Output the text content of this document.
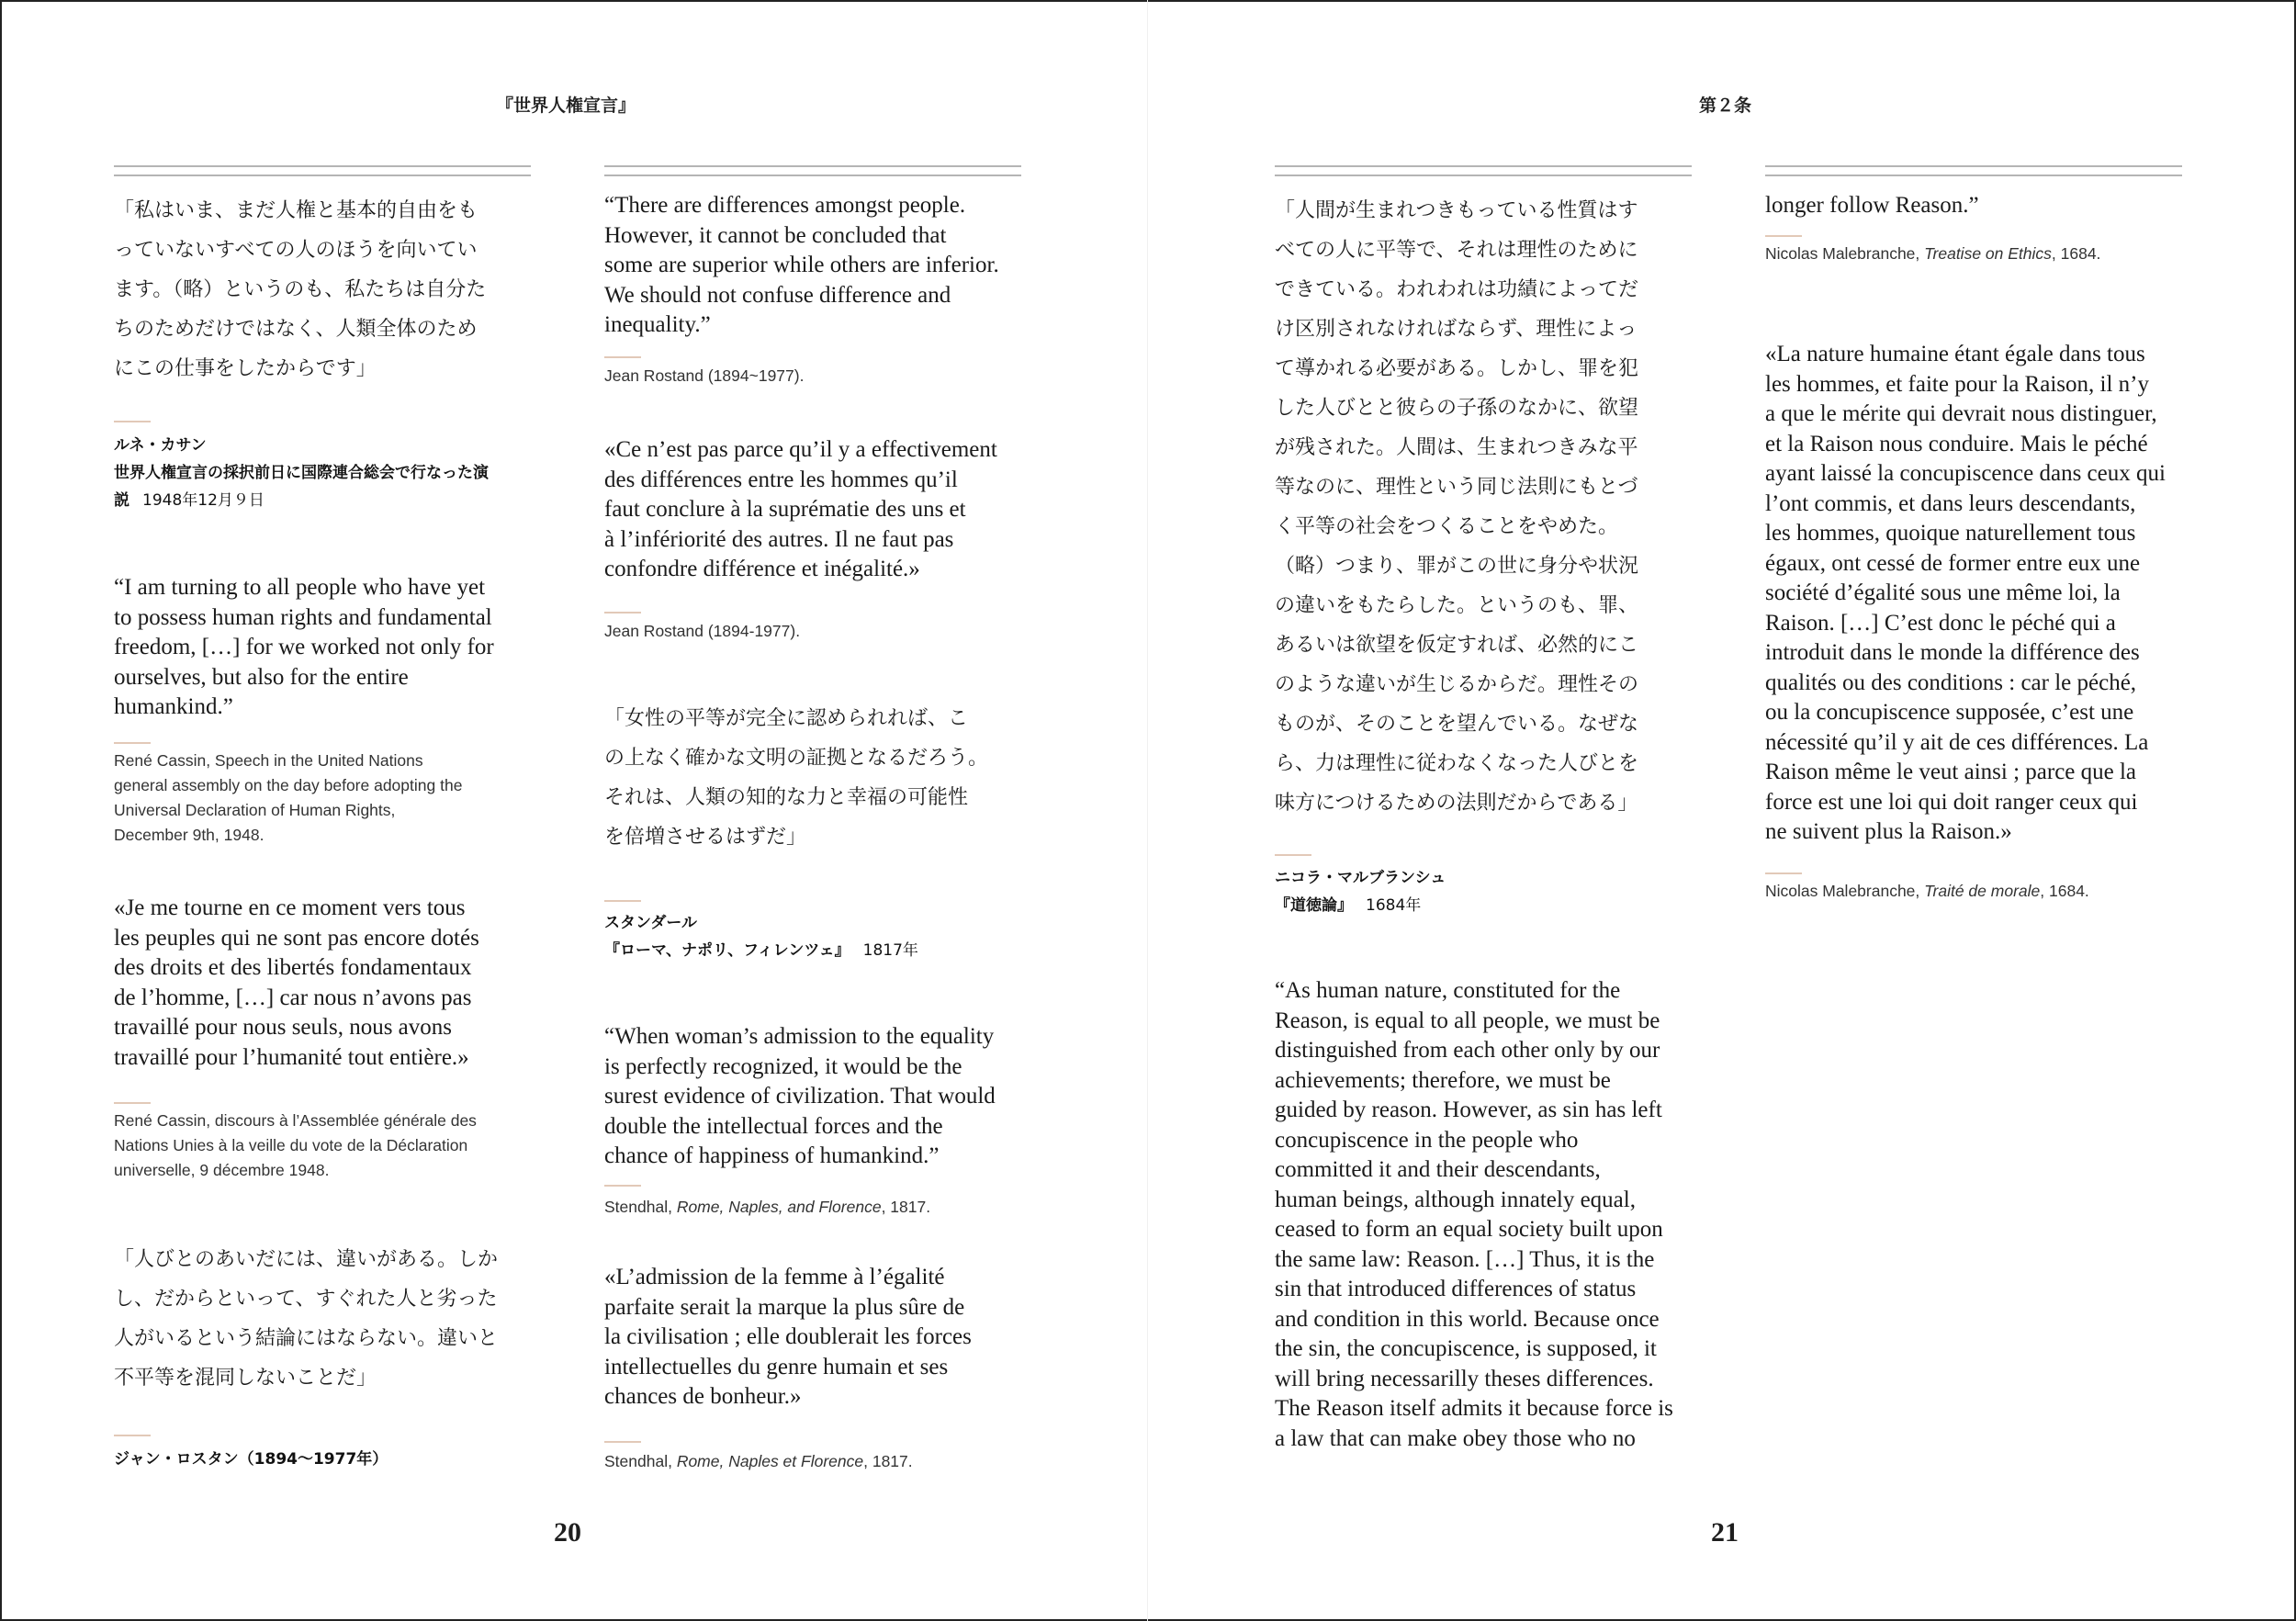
『世界人権宣言』	第２条
「私はいま、まだ人権と基本的自由をも
っていないすべての人のほうを向いてい
ます。（略）というのも、私たちは自分た
ちのためだけではなく、人類全体のため
にこの仕事をしたからです」
ルネ・カサン
世界人権宣言の採択前日に国際連合総会で行なった演
説 1948年12月９日
“I am turning to all people who have yet
to possess human rights and fundamental
freedom, […] for we worked not only for
ourselves, but also for the entire
humankind.”
René Cassin, Speech in the United Nations
general assembly on the day before adopting the
Universal Declaration of Human Rights,
December 9th, 1948.
«Je me tourne en ce moment vers tous
les peuples qui ne sont pas encore dotés
des droits et des libertés fondamentaux
de l’homme, […] car nous n’avons pas
travaillé pour nous seuls, nous avons
travaillé pour l’humanité tout entière.»
René Cassin, discours à l’Assemblée générale des
Nations Unies à la veille du vote de la Déclaration
universelle, 9 décembre 1948.
「人びとのあいだには、違いがある。しか
し、だからといって、すぐれた人と劣った
人がいるという結論にはならない。違いと
不平等を混同しないことだ」
ジャン・ロスタン（1894～1977年）
“There are differences amongst people.
However, it cannot be concluded that
some are superior while others are inferior.
We should not confuse difference and
inequality.”
Jean Rostand (1894~1977).
«Ce n’est pas parce qu’il y a effectivement
des différences entre les hommes qu’il
faut conclure à la suprématie des uns et
à l’infériorité des autres. Il ne faut pas
confondre différence et inégalité.»
Jean Rostand (1894-1977).
「女性の平等が完全に認められれば、こ
の上なく確かな文明の証拠となるだろう。
それは、人類の知的な力と幸福の可能性
を倍増させるはずだ」
スタンダール
『ローマ、ナポリ、フィレンツェ』 1817年
“When woman’s admission to the equality
is perfectly recognized, it would be the
surest evidence of civilization. That would
double the intellectual forces and the
chance of happiness of humankind.”
Stendhal, Rome, Naples, and Florence, 1817.
«L’admission de la femme à l’égalité
parfaite serait la marque la plus sûre de
la civilisation ; elle doublerait les forces
intellectuelles du genre humain et ses
chances de bonheur.»
Stendhal, Rome, Naples et Florence, 1817.
「人間が生まれつきもっている性質はす
べての人に平等で、それは理性のために
できている。われわれは功績によってだ
け区別されなければならず、理性によっ
て導かれる必要がある。しかし、罪を犯
した人びとと彼らの子孫のなかに、欲望
が残された。人間は、生まれつきみな平
等なのに、理性という同じ法則にもとづ
く平等の社会をつくることをやめた。
（略）つまり、罪がこの世に身分や状況
の違いをもたらした。というのも、罪、
あるいは欲望を仮定すれば、必然的にこ
のような違いが生じるからだ。理性その
ものが、そのことを望んでいる。なぜな
ら、力は理性に従わなくなった人びとを
味方につけるための法則だからである」
ニコラ・マルブランシュ
『道徳論』 1684年
“As human nature, constituted for the
Reason, is equal to all people, we must be
distinguished from each other only by our
achievements; therefore, we must be
guided by reason. However, as sin has left
concupiscence in the people who
committed it and their descendants,
human beings, although innately equal,
ceased to form an equal society built upon
the same law: Reason. […] Thus, it is the
sin that introduced differences of status
and condition in this world. Because once
the sin, the concupiscence, is supposed, it
will bring necessarilly theses differences.
The Reason itself admits it because force is
a law that can make obey those who no
longer follow Reason.”
Nicolas Malebranche, Treatise on Ethics, 1684.
«La nature humaine étant égale dans tous
les hommes, et faite pour la Raison, il n’y
a que le mérite qui devrait nous distinguer,
et la Raison nous conduire. Mais le péché
ayant laissé la concupiscence dans ceux qui
l’ont commis, et dans leurs descendants,
les hommes, quoique naturellement tous
égaux, ont cessé de former entre eux une
société d’égalité sous une même loi, la
Raison. […] C’est donc le péché qui a
introduit dans le monde la différence des
qualités ou des conditions : car le péché,
ou la concupiscence supposée, c’est une
nécessité qu’il y ait de ces différences. La
Raison même le veut ainsi ; parce que la
force est une loi qui doit ranger ceux qui
ne suivent plus la Raison.»
Nicolas Malebranche, Traité de morale, 1684.
20	21
